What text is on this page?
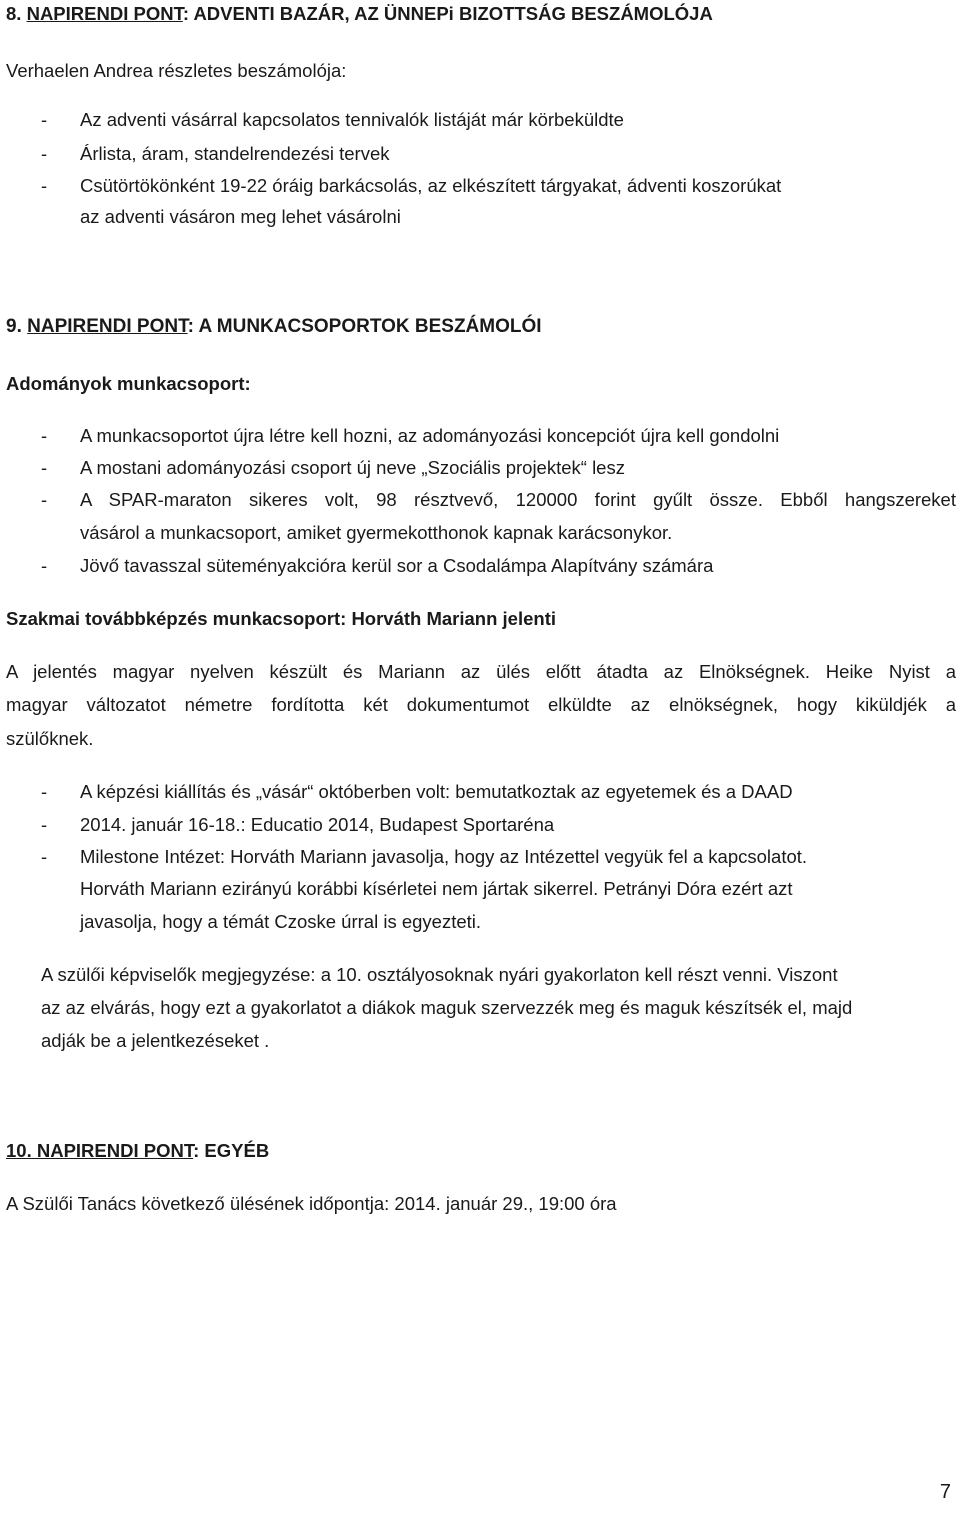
8. NAPIRENDI PONT: ADVENTI BAZÁR, AZ ÜNNEPi BIZOTTSÁG BESZÁMOLÓJA
Verhaelen Andrea részletes beszámolója:
- Az adventi vásárral kapcsolatos tennivalók listáját már körbeküldte
- Árlista, áram, standelrendezési tervek
- Csütörtökönként 19-22 óráig barkácsolás, az elkészített tárgyakat, ádventi koszorúkat
az adventi vásáron meg lehet vásárolni
9. NAPIRENDI PONT: A MUNKACSOPORTOK BESZÁMOLÓI
Adományok munkacsoport:
- A munkacsoportot újra létre kell hozni, az adományozási koncepciót újra kell gondolni
- A mostani adományozási csoport új neve „Szociális projektek“ lesz
- A SPAR-maraton sikeres volt, 98 résztvevő, 120000 forint gyűlt össze. Ebből hangszereket
vásárol a munkacsoport, amiket gyermekotthonok kapnak karácsonykor.
- Jövő tavasszal süteményakcióra kerül sor a Csodalámpa Alapítvány számára
Szakmai továbbképzés munkacsoport: Horváth Mariann jelenti
A jelentés magyar nyelven készült és Mariann az ülés előtt átadta az Elnökségnek. Heike Nyist a
magyar változatot németre fordította két dokumentumot elküldte az elnökségnek, hogy kiküldjék a
szülőknek.
- A képzési kiállítás és „vásár“ októberben volt: bemutatkoztak az egyetemek és a DAAD
- 2014. január 16-18.: Educatio 2014, Budapest Sportaréna
- Milestone Intézet: Horváth Mariann javasolja, hogy az Intézettel vegyük fel a kapcsolatot.
Horváth Mariann ezirányú korábbi kísérletei nem jártak sikerrel. Petrányi Dóra ezért azt
javasolja, hogy a témát Czoske úrral is egyezteti.
A szülői képviselők megjegyzése: a 10. osztályosoknak nyári gyakorlaton kell részt venni. Viszont
az az elvárás, hogy ezt a gyakorlatot a diákok maguk szervezzék meg és maguk készítsék el, majd
adják be a jelentkezéseket .
10. NAPIRENDI PONT: EGYÉB
A Szülői Tanács következő ülésének időpontja: 2014. január 29., 19:00 óra
7
